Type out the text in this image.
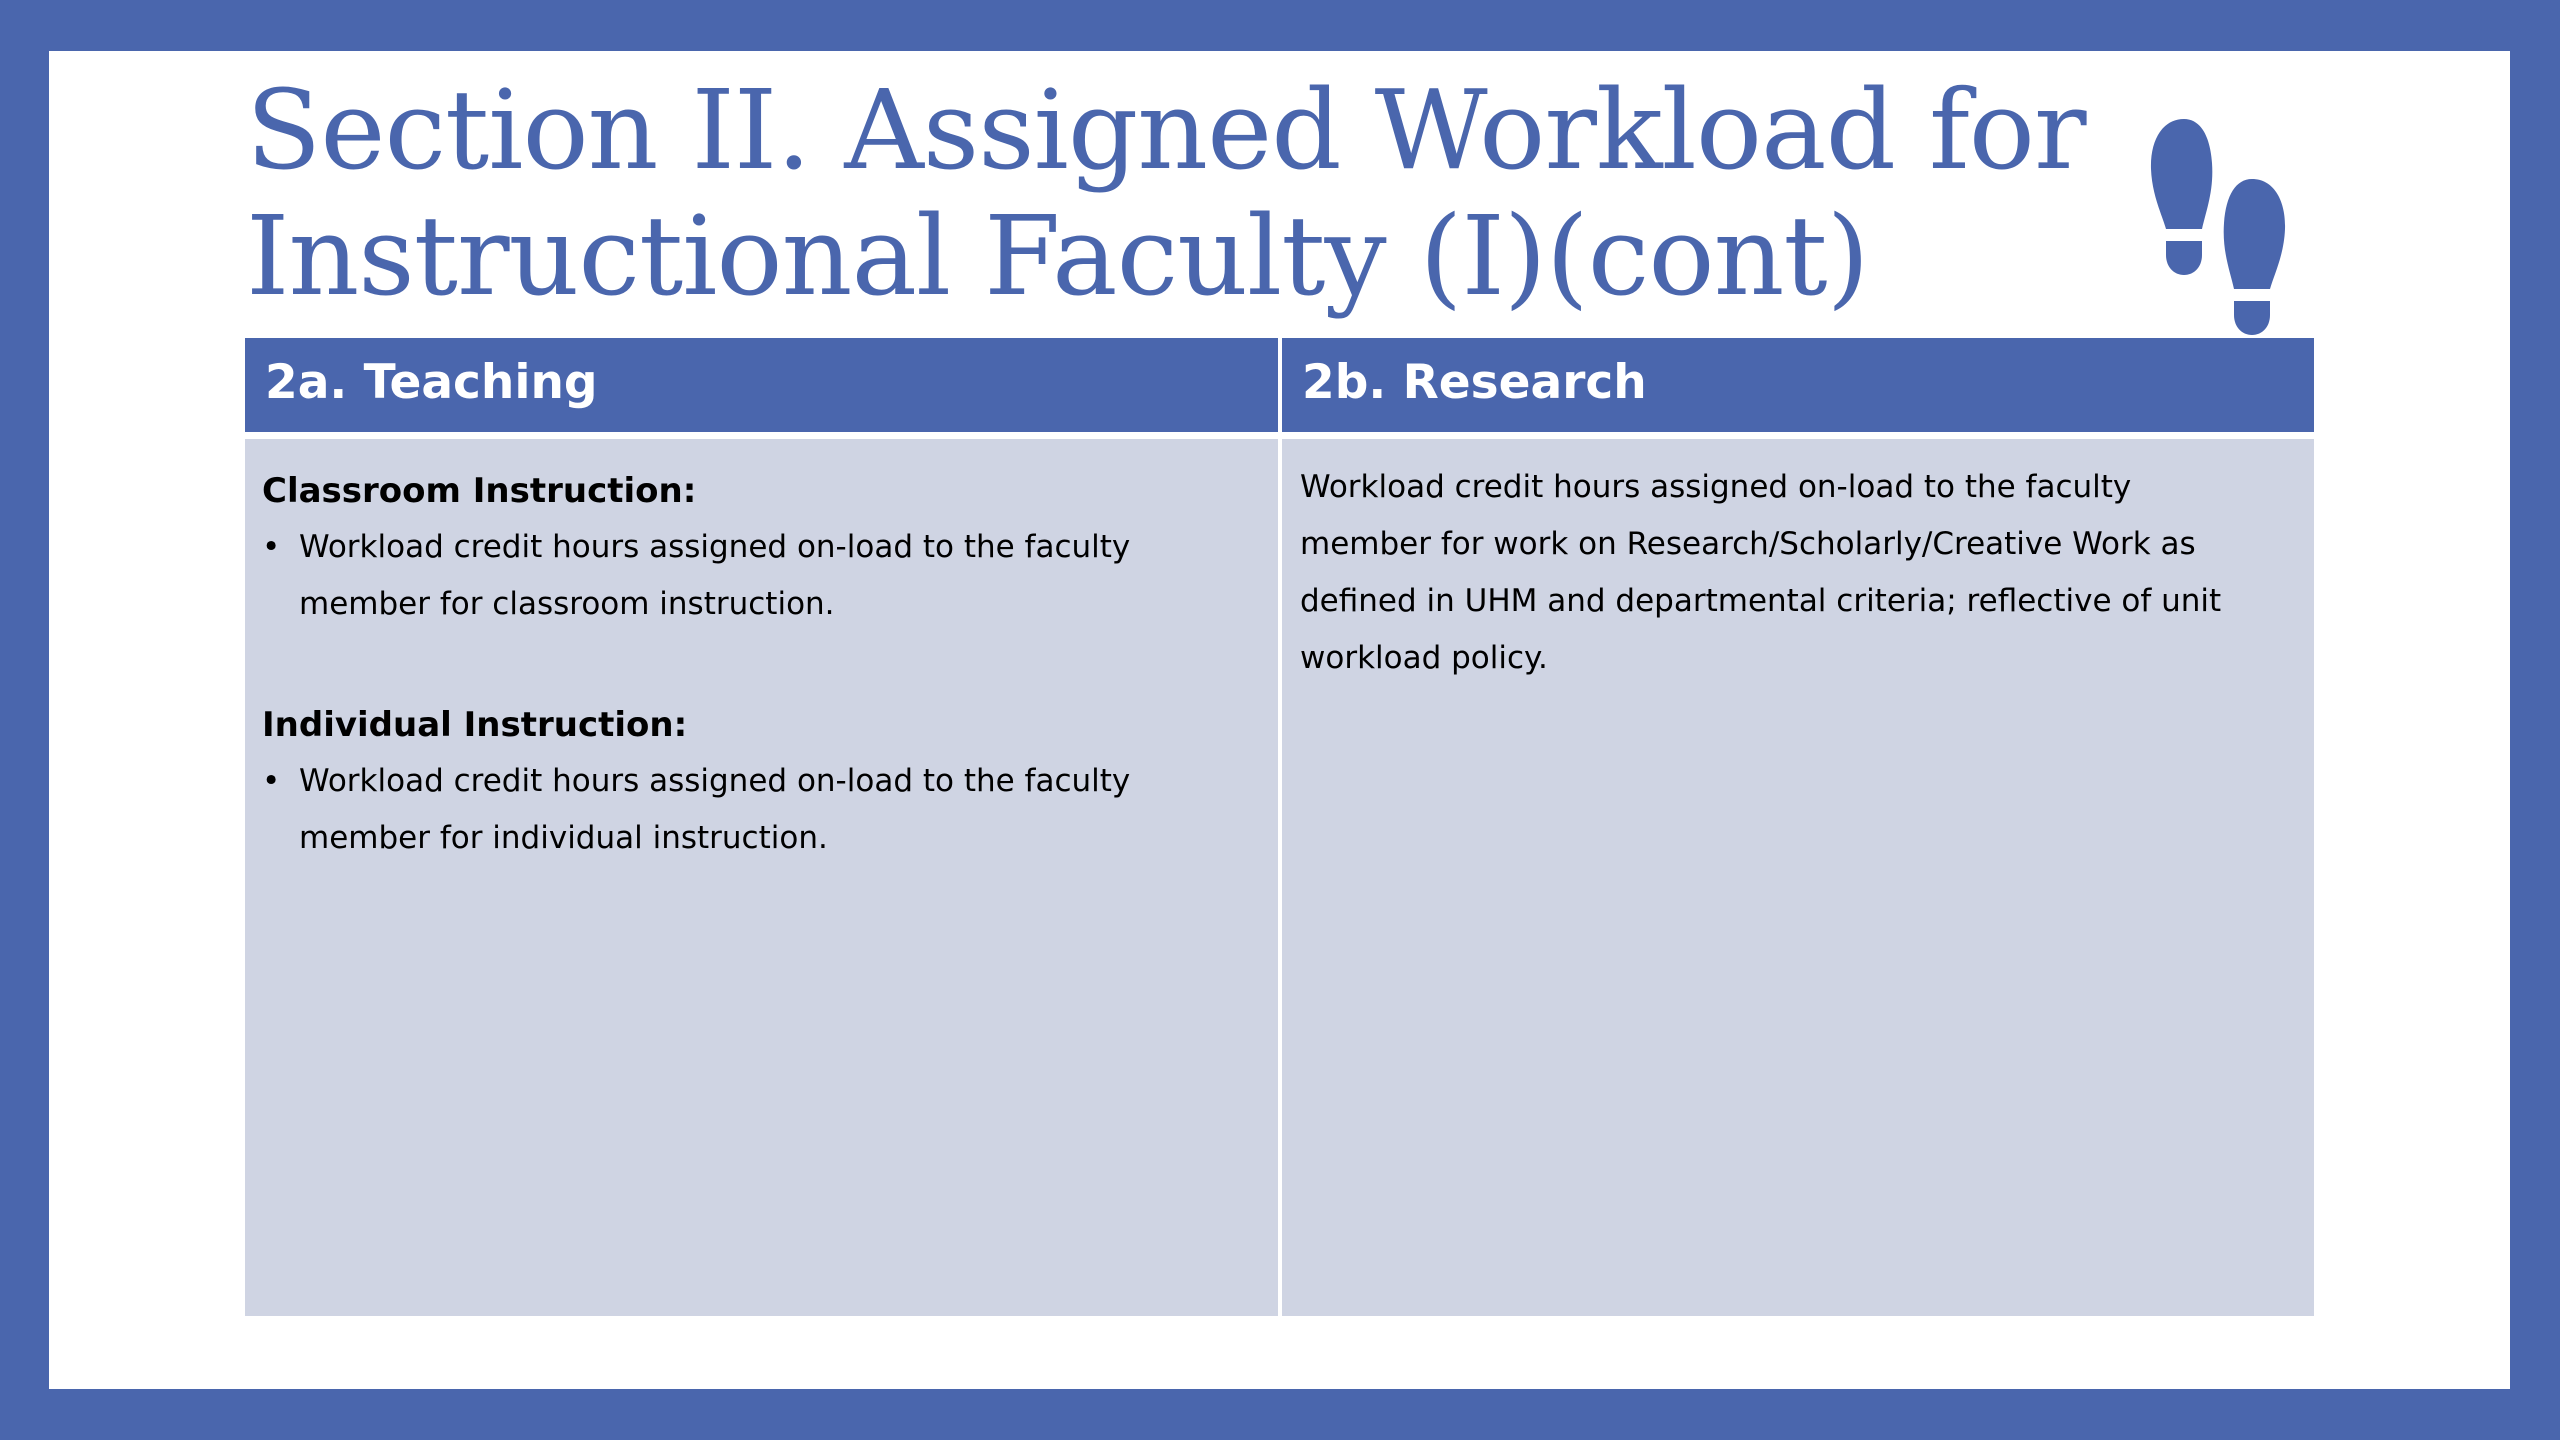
Section II. Assigned Workload for
Instructional Faculty (I)(cont)
2a. Teaching
Classroom Instruction:
• Workload credit hours assigned on-load to the faculty member for classroom instruction.
Individual Instruction:
• Workload credit hours assigned on-load to the faculty member for individual instruction.
2b. Research

Workload credit hours assigned on-load to the faculty member for work on Research/Scholarly/Creative Work as defined in UHM and departmental criteria; reflective of unit workload policy.
